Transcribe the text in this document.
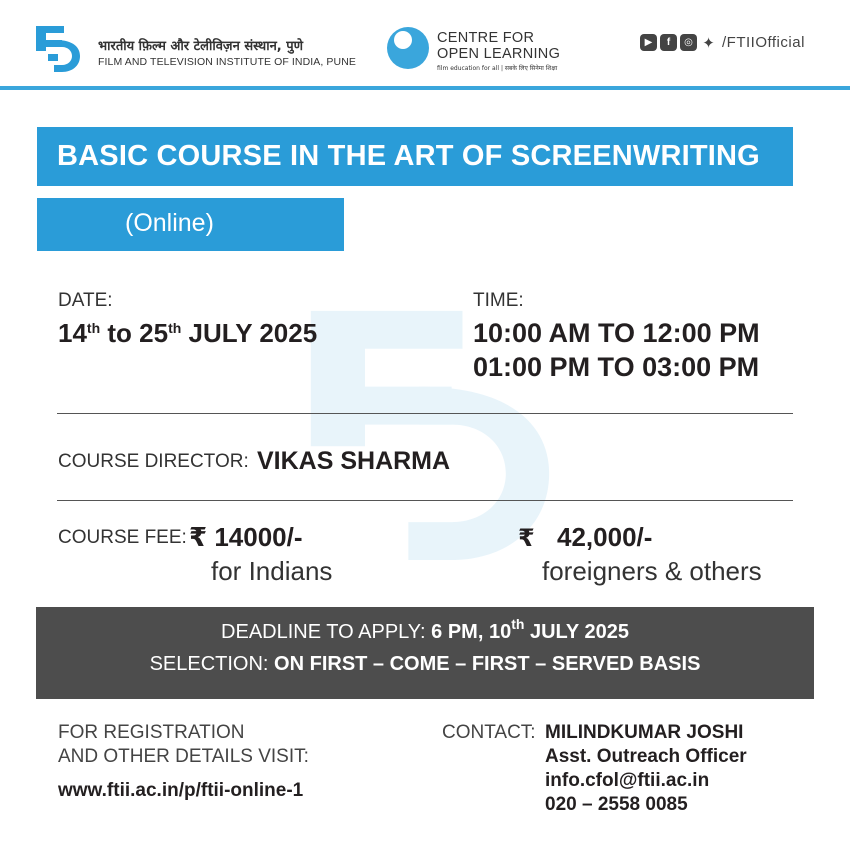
भारतीय फ़िल्म और टेलीविज़न संस्थान, पुणे
FILM AND TELEVISION INSTITUTE OF INDIA, PUNE
CENTRE FOR
OPEN LEARNING
film education for all | सबके लिए सिनेमा शिक्षा
▶	f	◎ ✦ /FTIIOfficial
BASIC COURSE IN THE ART OF SCREENWRITING
(Online)
DATE:
14th to 25th JULY 2025
TIME:
10:00 AM TO 12:00 PM
01:00 PM TO 03:00 PM
COURSE DIRECTOR: VIKAS SHARMA
COURSE FEE: ₹ 14000/-
for Indians
₹ 42,000/-
foreigners & others
DEADLINE TO APPLY: 6 PM, 10th JULY 2025
SELECTION: ON FIRST – COME – FIRST – SERVED BASIS
FOR REGISTRATION
AND OTHER DETAILS VISIT:
www.ftii.ac.in/p/ftii-online-1
CONTACT: MILINDKUMAR JOSHI
Asst. Outreach Officer
info.cfol@ftii.ac.in
020 – 2558 0085
